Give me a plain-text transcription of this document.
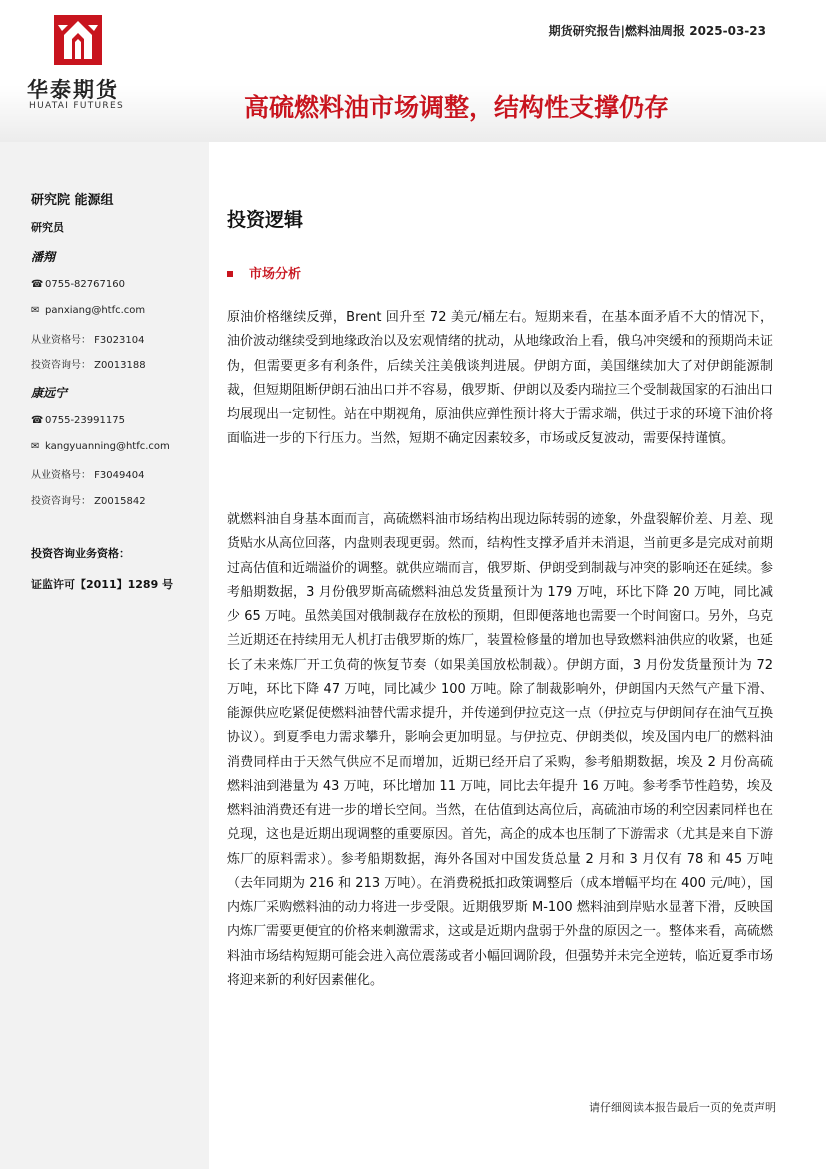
华泰期货
HUATAI FUTURES
期货研究报告|燃料油周报 2025-03-23
高硫燃料油市场调整，结构性支撑仍存
研究院 能源组
研究员
潘翔
☎ 0755-82767160
✉ panxiang@htfc.com
从业资格号： F3023104
投资咨询号： Z0013188
康远宁
☎ 0755-23991175
✉ kangyuanning@htfc.com
从业资格号： F3049404
投资咨询号： Z0015842
投资咨询业务资格：
证监许可【2011】1289 号
投资逻辑
市场分析

原油价格继续反弹，Brent 回升至 72 美元/桶左右。短期来看，在基本面矛盾不大的情况下，油价波动继续受到地缘政治以及宏观情绪的扰动，从地缘政治上看，俄乌冲突缓和的预期尚未证伪，但需要更多有利条件，后续关注美俄谈判进展。伊朗方面，美国继续加大了对伊朗能源制裁，但短期阻断伊朗石油出口并不容易，俄罗斯、伊朗以及委内瑞拉三个受制裁国家的石油出口均展现出一定韧性。站在中期视角，原油供应弹性预计将大于需求端，供过于求的环境下油价将面临进一步的下行压力。当然，短期不确定因素较多，市场或反复波动，需要保持谨慎。

就燃料油自身基本面而言，高硫燃料油市场结构出现边际转弱的迹象，外盘裂解价差、月差、现货贴水从高位回落，内盘则表现更弱。然而，结构性支撑矛盾并未消退，当前更多是完成对前期过高估值和近端溢价的调整。就供应端而言，俄罗斯、伊朗受到制裁与冲突的影响还在延续。参考船期数据，3 月份俄罗斯高硫燃料油总发货量预计为 179 万吨，环比下降 20 万吨，同比减少 65 万吨。虽然美国对俄制裁存在放松的预期，但即便落地也需要一个时间窗口。另外，乌克兰近期还在持续用无人机打击俄罗斯的炼厂，装置检修量的增加也导致燃料油供应的收紧，也延长了未来炼厂开工负荷的恢复节奏（如果美国放松制裁）。伊朗方面，3 月份发货量预计为 72 万吨，环比下降 47 万吨，同比减少 100 万吨。除了制裁影响外，伊朗国内天然气产量下滑、能源供应吃紧促使燃料油替代需求提升，并传递到伊拉克这一点（伊拉克与伊朗间存在油气互换协议）。到夏季电力需求攀升，影响会更加明显。与伊拉克、伊朗类似，埃及国内电厂的燃料油消费同样由于天然气供应不足而增加，近期已经开启了采购，参考船期数据，埃及 2 月份高硫燃料油到港量为 43 万吨，环比增加 11 万吨，同比去年提升 16 万吨。参考季节性趋势，埃及燃料油消费还有进一步的增长空间。当然，在估值到达高位后，高硫油市场的利空因素同样也在兑现，这也是近期出现调整的重要原因。首先，高企的成本也压制了下游需求（尤其是来自下游炼厂的原料需求）。参考船期数据，海外各国对中国发货总量 2 月和 3 月仅有 78 和 45 万吨（去年同期为 216 和 213 万吨）。在消费税抵扣政策调整后（成本增幅平均在 400 元/吨），国内炼厂采购燃料油的动力将进一步受限。近期俄罗斯 M-100 燃料油到岸贴水显著下滑，反映国内炼厂需要更便宜的价格来刺激需求，这或是近期内盘弱于外盘的原因之一。整体来看，高硫燃料油市场结构短期可能会进入高位震荡或者小幅回调阶段，但强势并未完全逆转，临近夏季市场将迎来新的利好因素催化。

请仔细阅读本报告最后一页的免责声明
